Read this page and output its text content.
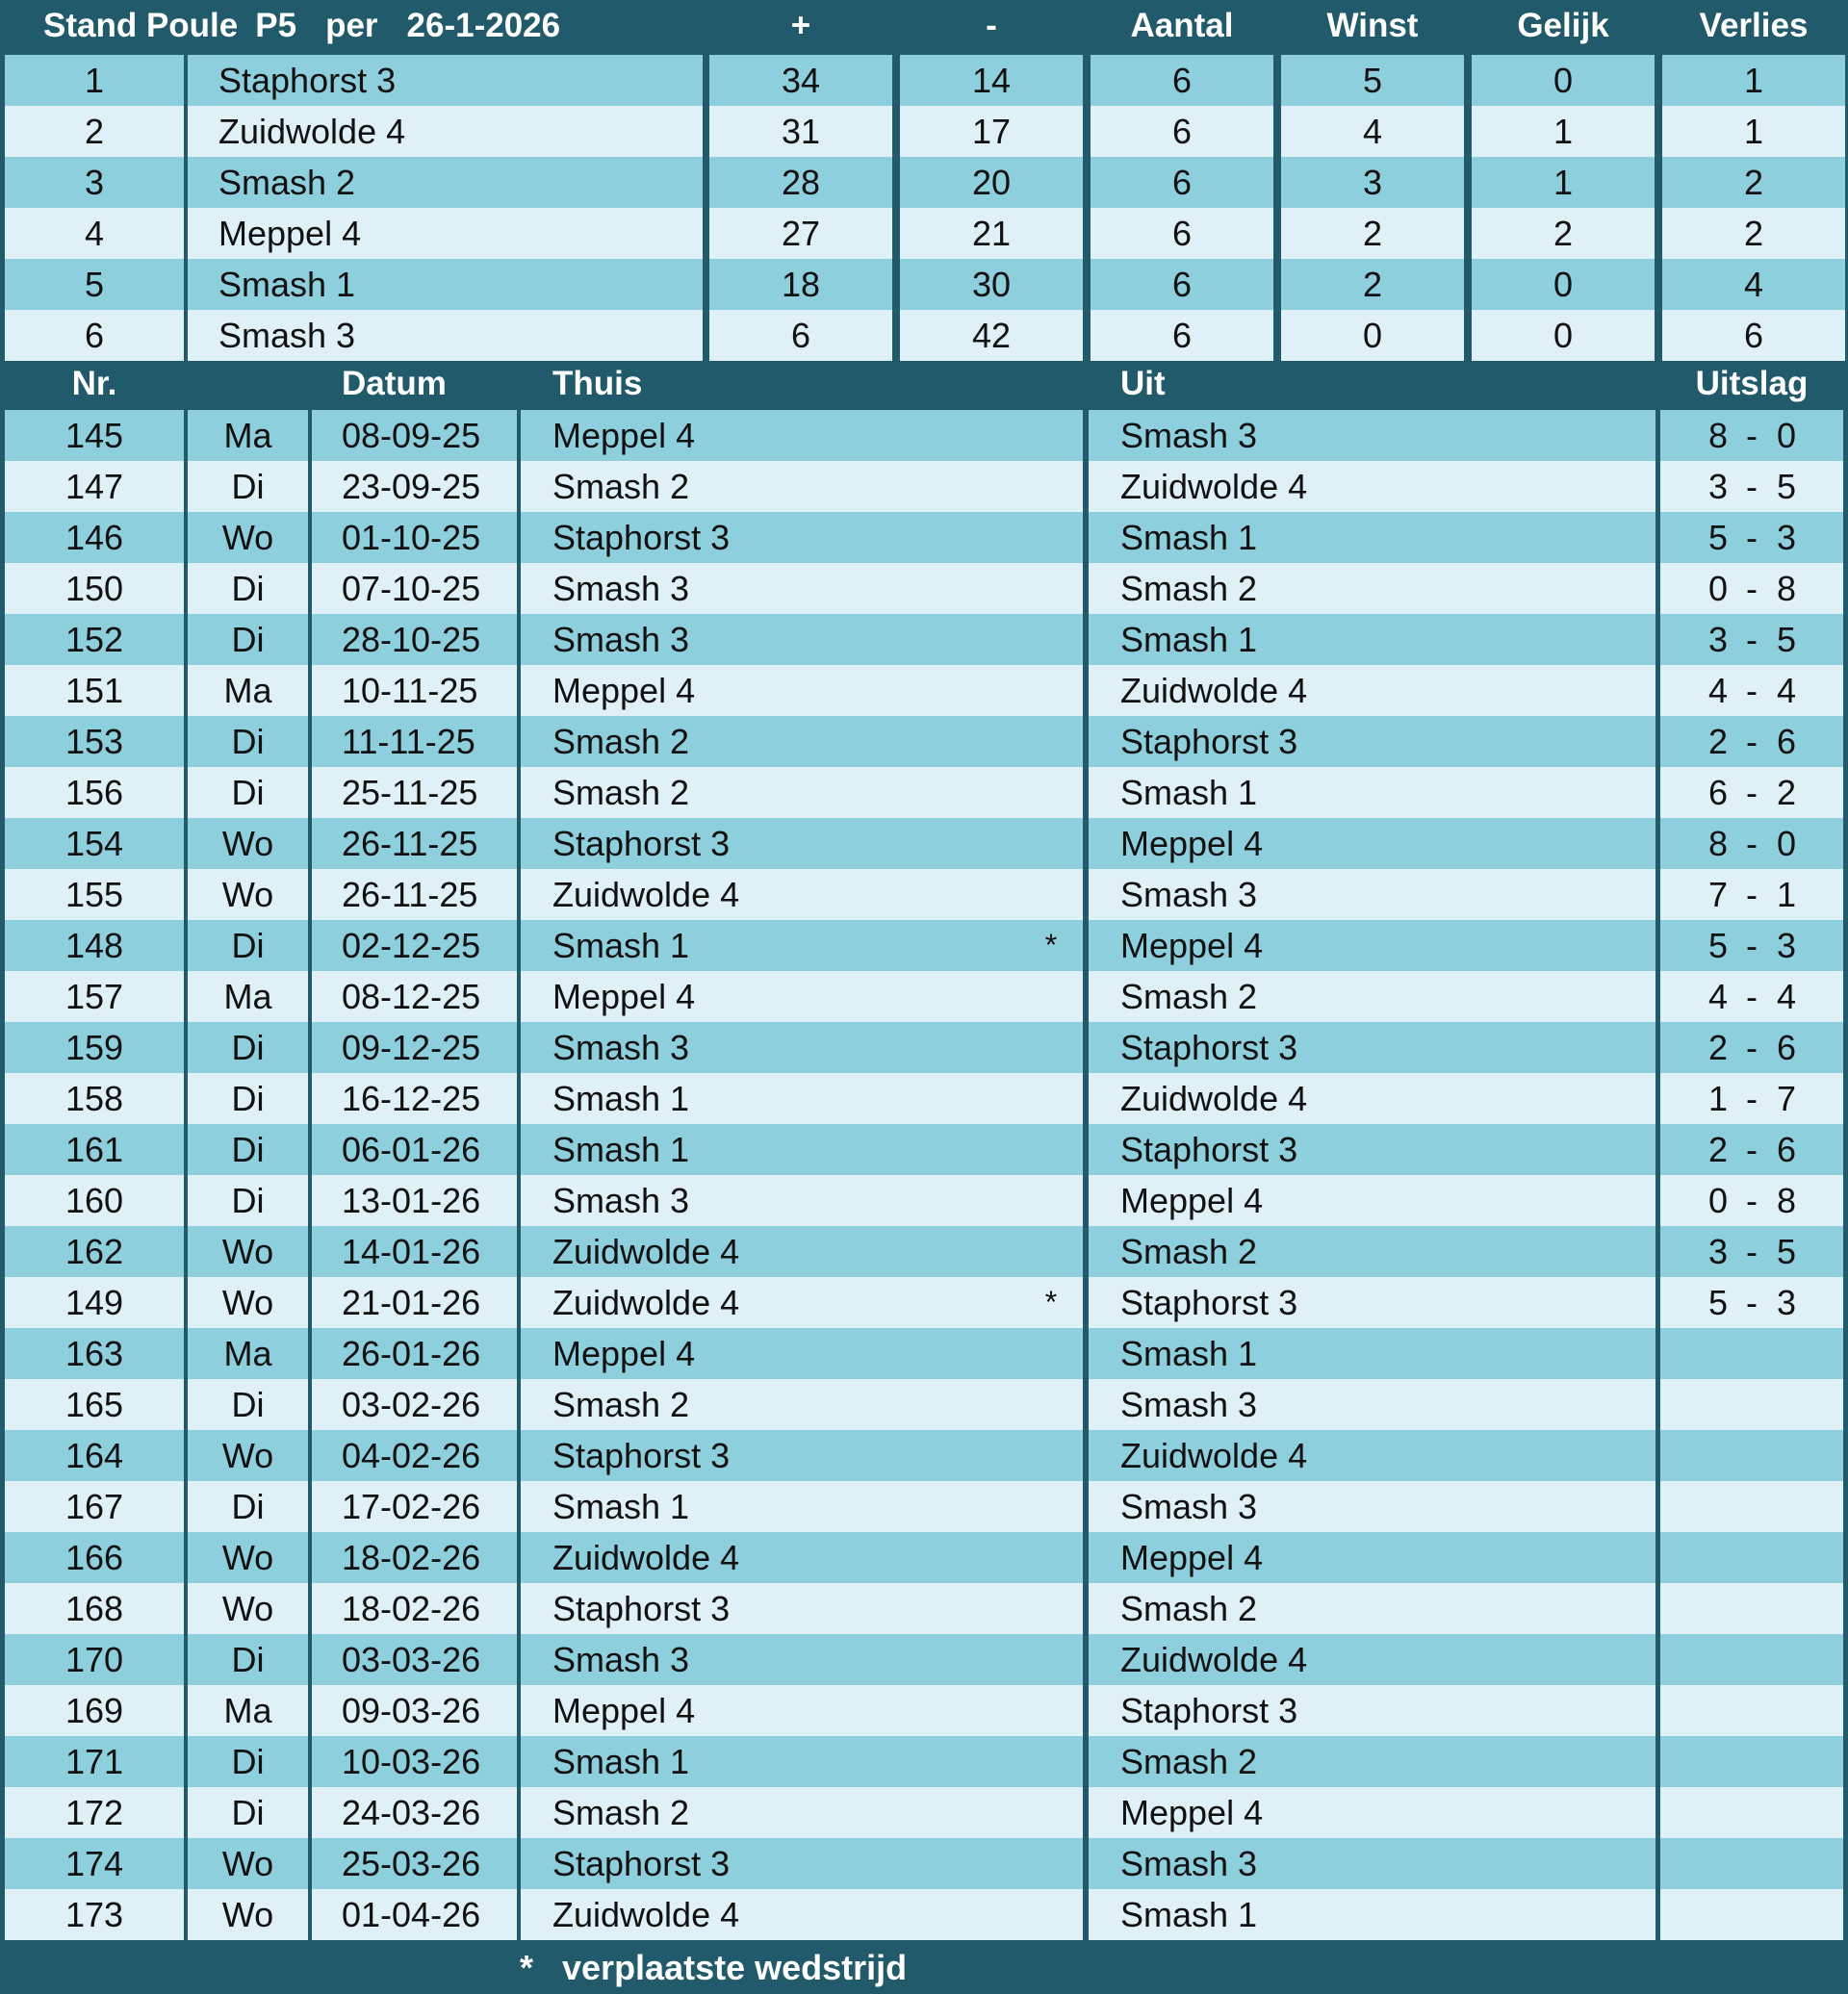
Stand Poule P5 per 26-1-2026	+	-	Aantal	Winst	Gelijk	Verlies
1	Staphorst 3	34	14	6	5	0	1
2	Zuidwolde 4	31	17	6	4	1	1
3	Smash 2	28	20	6	3	1	2
4	Meppel 4	27	21	6	2	2	2
5	Smash 1	18	30	6	2	0	4
6	Smash 3	6	42	6	0	0	6
Nr.	Datum	Thuis	Uit	Uitslag
145	Ma	08-09-25	Meppel 4	Smash 3	8 - 0
147	Di	23-09-25	Smash 2	Zuidwolde 4	3 - 5
146	Wo	01-10-25	Staphorst 3	Smash 1	5 - 3
150	Di	07-10-25	Smash 3	Smash 2	0 - 8
152	Di	28-10-25	Smash 3	Smash 1	3 - 5
151	Ma	10-11-25	Meppel 4	Zuidwolde 4	4 - 4
153	Di	11-11-25	Smash 2	Staphorst 3	2 - 6
156	Di	25-11-25	Smash 2	Smash 1	6 - 2
154	Wo	26-11-25	Staphorst 3	Meppel 4	8 - 0
155	Wo	26-11-25	Zuidwolde 4	Smash 3	7 - 1
148	Di	02-12-25	Smash 1	*	Meppel 4	5 - 3
157	Ma	08-12-25	Meppel 4	Smash 2	4 - 4
159	Di	09-12-25	Smash 3	Staphorst 3	2 - 6
158	Di	16-12-25	Smash 1	Zuidwolde 4	1 - 7
161	Di	06-01-26	Smash 1	Staphorst 3	2 - 6
160	Di	13-01-26	Smash 3	Meppel 4	0 - 8
162	Wo	14-01-26	Zuidwolde 4	Smash 2	3 - 5
149	Wo	21-01-26	Zuidwolde 4	*	Staphorst 3	5 - 3
163	Ma	26-01-26	Meppel 4	Smash 1
165	Di	03-02-26	Smash 2	Smash 3
164	Wo	04-02-26	Staphorst 3	Zuidwolde 4
167	Di	17-02-26	Smash 1	Smash 3
166	Wo	18-02-26	Zuidwolde 4	Meppel 4
168	Wo	18-02-26	Staphorst 3	Smash 2
170	Di	03-03-26	Smash 3	Zuidwolde 4
169	Ma	09-03-26	Meppel 4	Staphorst 3
171	Di	10-03-26	Smash 1	Smash 2
172	Di	24-03-26	Smash 2	Meppel 4
174	Wo	25-03-26	Staphorst 3	Smash 3
173	Wo	01-04-26	Zuidwolde 4	Smash 1
* verplaatste wedstrijd
